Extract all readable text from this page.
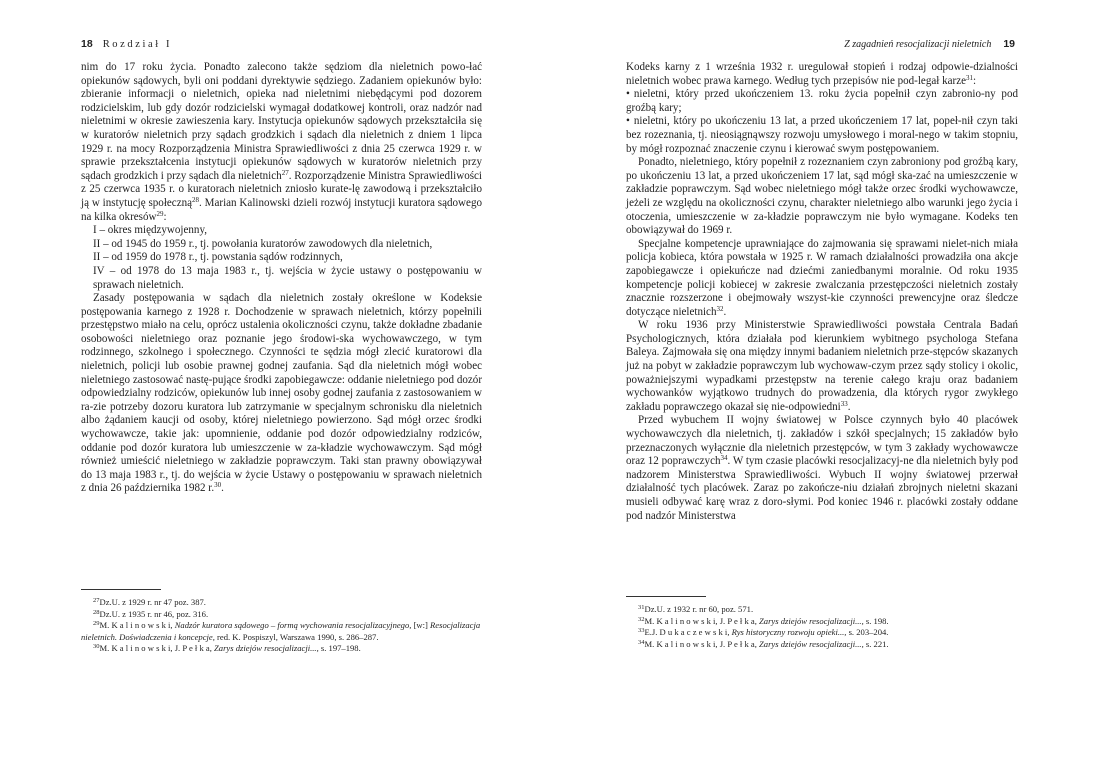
18 Rozdział I

nim do 17 roku życia. Ponadto zalecono także sędziom dla nieletnich powo-łać opiekunów sądowych, byli oni poddani dyrektywie sędziego. Zadaniem opiekunów było: zbieranie informacji o nieletnich, opieka nad nieletnimi niebędącymi pod dozorem rodzicielskim, lub gdy dozór rodzicielski wymagał dodatkowej kontroli, oraz nadzór nad nieletnimi w okresie zawieszenia kary. Instytucja opiekunów sądowych przekształciła się w kuratorów nieletnich przy sądach grodzkich i sądach dla nieletnich z dniem 1 lipca 1929 r. na mocy Rozporządzenia Ministra Sprawiedliwości z dnia 25 czerwca 1929 r. w sprawie przekształcenia instytucji opiekunów sądowych w kuratorów nieletnich przy sądach grodzkich i przy sądach dla nieletnich$^{27}$. Rozporządzenie Ministra Sprawiedliwości z 25 czerwca 1935 r. o kuratorach nieletnich zniosło kurate-lę zawodową i przekształciło ją w instytucję społeczną$^{28}$. Marian Kalinowski dzieli rozwój instytucji kuratora sądowego na kilka okresów$^{29}$:

I – okres międzywojenny,

II – od 1945 do 1959 r., tj. powołania kuratorów zawodowych dla nieletnich,

II – od 1959 do 1978 r., tj. powstania sądów rodzinnych,

IV – od 1978 do 13 maja 1983 r., tj. wejścia w życie ustawy o postępowaniu w sprawach nieletnich.

Zasady postępowania w sądach dla nieletnich zostały określone w Kodeksie postępowania karnego z 1928 r. Dochodzenie w sprawach nieletnich, którzy popełnili przestępstwo miało na celu, oprócz ustalenia okoliczności czynu, także dokładne zbadanie osobowości nieletniego oraz poznanie jego środowi-ska wychowawczego, w tym rodzinnego, szkolnego i społecznego. Czynności te sędzia mógł zlecić kuratorowi dla nieletnich, policji lub osobie prawnej godnej zaufania. Sąd dla nieletnich mógł wobec nieletniego zastosować nastę-pujące środki zapobiegawcze: oddanie nieletniego pod dozór odpowiedzialny rodziców, opiekunów lub innej osoby godnej zaufania z zastosowaniem w ra-zie potrzeby dozoru kuratora lub zatrzymanie w specjalnym schronisku dla nieletnich albo żądaniem kaucji od osoby, której nieletniego powierzono. Sąd mógł orzec środki wychowawcze, takie jak: upomnienie, oddanie pod dozór odpowiedzialny rodziców, oddanie pod dozór kuratora lub umieszczenie w za-kładzie wychowawczym. Sąd mógł również umieścić nieletniego w zakładzie poprawczym. Taki stan prawny obowiązywał do 13 maja 1983 r., tj. do wejścia w życie Ustawy o postępowaniu w sprawach nieletnich z dnia 26 października 1982 r.$^{30}$.

$^{27}$Dz.U. z 1929 r. nr 47 poz. 387.
$^{28}$Dz.U. z 1935 r. nr 46, poz. 316.
$^{29}$M. K a l i n o w s k i, Nadzór kuratora sądowego – formą wychowania resocjalizacyjnego, [w:] Resocjalizacja nieletnich. Doświadczenia i koncepcje, red. K. Pospiszyl, Warszawa 1990, s. 286–287.
$^{30}$M. K a l i n o w s k i, J. P e ł k a, Zarys dziejów resocjalizacji..., s. 197–198.
Z zagadnień resocjalizacji nieletnich 19

Kodeks karny z 1 września 1932 r. uregulował stopień i rodzaj odpowie-dzialności nieletnich wobec prawa karnego. Według tych przepisów nie pod-legał karze$^{31}$:

• nieletni, który przed ukończeniem 13. roku życia popełnił czyn zabronio-ny pod groźbą kary;

• nieletni, który po ukończeniu 13 lat, a przed ukończeniem 17 lat, popeł-nił czyn taki bez rozeznania, tj. nieosiągnąwszy rozwoju umysłowego i moral-nego w takim stopniu, by mógł rozpoznać znaczenie czynu i kierować swym postępowaniem.

Ponadto, nieletniego, który popełnił z rozeznaniem czyn zabroniony pod groźbą kary, po ukończeniu 13 lat, a przed ukończeniem 17 lat, sąd mógł ska-zać na umieszczenie w zakładzie poprawczym. Sąd wobec nieletniego mógł także orzec środki wychowawcze, jeżeli ze względu na okoliczności czynu, charakter nieletniego albo warunki jego życia i otoczenia, umieszczenie w za-kładzie poprawczym nie było wymagane. Kodeks ten obowiązywał do 1969 r.

Specjalne kompetencje uprawniające do zajmowania się sprawami nielet-nich miała policja kobieca, która powstała w 1925 r. W ramach działalności prowadziła ona akcje zapobiegawcze i opiekuńcze nad dziećmi zaniedbanymi moralnie. Od roku 1935 kompetencje policji kobiecej w zakresie zwalczania przestępczości nieletnich zostały znacznie rozszerzone i obejmowały wszyst-kie czynności prewencyjne oraz śledcze dotyczące nieletnich$^{32}$.

W roku 1936 przy Ministerstwie Sprawiedliwości powstała Centrala Badań Psychologicznych, która działała pod kierunkiem wybitnego psychologa Stefana Baleya. Zajmowała się ona między innymi badaniem nieletnich prze-stępców skazanych już na pobyt w zakładzie poprawczym lub wychowaw-czym przez sądy stolicy i okolic, poważniejszymi wypadkami przestępstw na terenie całego kraju oraz badaniem wychowanków wyjątkowo trudnych do prowadzenia, dla których rygor zwykłego zakładu poprawczego okazał się nie-odpowiedni$^{33}$.

Przed wybuchem II wojny światowej w Polsce czynnych było 40 placówek wychowawczych dla nieletnich, tj. zakładów i szkół specjalnych; 15 zakładów było przeznaczonych wyłącznie dla nieletnich przestępców, w tym 3 zakłady wychowawcze oraz 12 poprawczych$^{34}$. W tym czasie placówki resocjalizacyj-ne dla nieletnich były pod nadzorem Ministerstwa Sprawiedliwości. Wybuch II wojny światowej przerwał działalność tych placówek. Zaraz po zakończe-niu działań zbrojnych nieletni skazani musieli odbywać karę wraz z doro-słymi. Pod koniec 1946 r. placówki zostały oddane pod nadzór Ministerstwa

$^{31}$Dz.U. z 1932 r. nr 60, poz. 571.
$^{32}$M. K a l i n o w s k i, J. P e ł k a, Zarys dziejów resocjalizacji..., s. 198.
$^{33}$E.J. D u k a c z e w s k i, Rys historyczny rozwoju opieki..., s. 203–204.
$^{34}$M. K a l i n o w s k i, J. P e ł k a, Zarys dziejów resocjalizacji..., s. 221.
